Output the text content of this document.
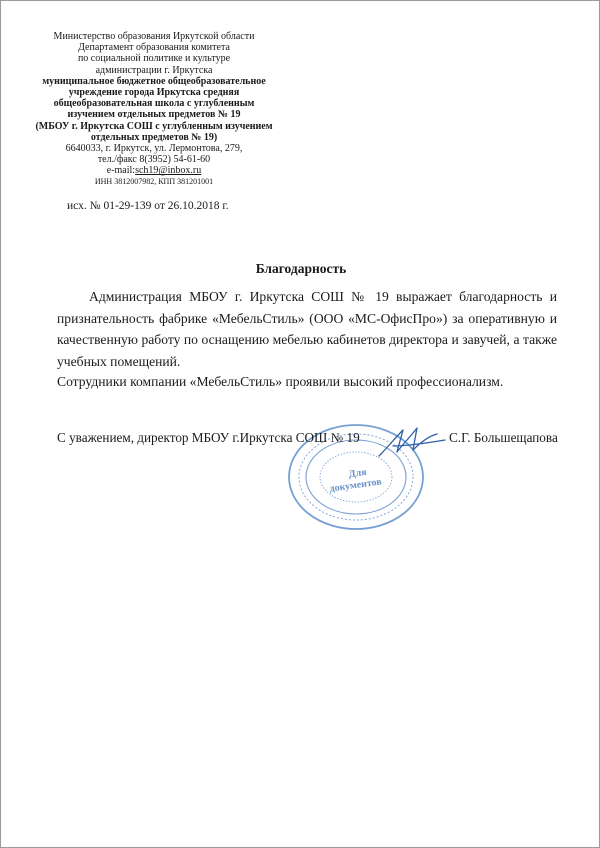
Министерство образования Иркутской области
Департамент образования комитета
по социальной политике и культуре
администрации г. Иркутска
муниципальное бюджетное общеобразовательное
учреждение города Иркутска средняя
общеобразовательная школа с углубленным
изучением отдельных предметов № 19
(МБОУ г. Иркутска СОШ с углубленным изучением
отдельных предметов № 19)
6640033, г. Иркутск, ул. Лермонтова, 279,
тел./факс 8(3952) 54-61-60
e-mail:sch19@inbox.ru
ИНН 3812007982, КПП 381201001
исх. № 01-29-139 от 26.10.2018 г.
Благодарность
Администрация МБОУ г. Иркутска СОШ № 19 выражает благодарность и признательность фабрике «МебельСтиль» (ООО «МС-ОфисПро») за оперативную и качественную работу по оснащению мебелью кабинетов директора и завучей, а также учебных помещений.
Сотрудники компании «МебельСтиль» проявили высокий профессионализм.
Для
документов
С уважением, директор МБОУ г.Иркутска СОШ № 19	С.Г. Большещапова
